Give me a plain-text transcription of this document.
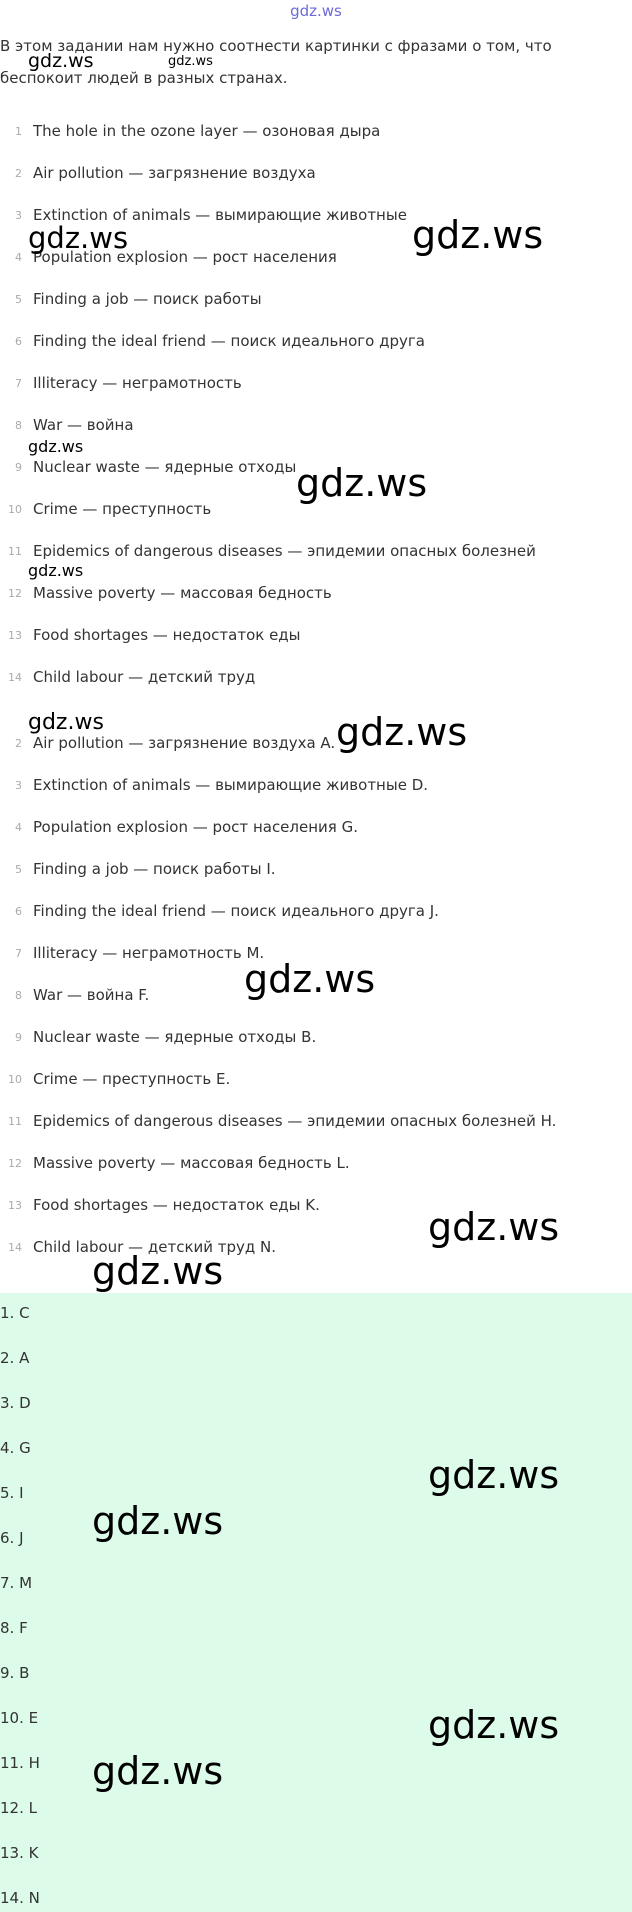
gdz.ws

В этом задании нам нужно соотнести картинки с фразами о том, что беспокоит людей в разных странах.

1 The hole in the ozone layer — озоновая дыра
2 Air pollution — загрязнение воздуха
3 Extinction of animals — вымирающие животные
4 Population explosion — рост населения
5 Finding a job — поиск работы
6 Finding the ideal friend — поиск идеального друга
7 Illiteracy — неграмотность
8 War — война
9 Nuclear waste — ядерные отходы
10 Crime — преступность
11 Epidemics of dangerous diseases — эпидемии опасных болезней
12 Massive poverty — массовая бедность
13 Food shortages — недостаток еды
14 Child labour — детский труд
2 Air pollution — загрязнение воздуха A.
3 Extinction of animals — вымирающие животные D.
4 Population explosion — рост населения G.
5 Finding a job — поиск работы I.
6 Finding the ideal friend — поиск идеального друга J.
7 Illiteracy — неграмотность M.
8 War — война F.
9 Nuclear waste — ядерные отходы B.
10 Crime — преступность E.
11 Epidemics of dangerous diseases — эпидемии опасных болезней H.
12 Massive poverty — массовая бедность L.
13 Food shortages — недостаток еды K.
14 Child labour — детский труд N.
1. C
2. A
3. D
4. G
5. I
6. J
7. M
8. F
9. B
10. E
11. H
12. L
13. K
14. N
gdz.ws	gdz.ws
gdz.ws	gdz.ws
gdz.ws
gdz.ws
gdz.ws
gdz.ws	gdz.ws
gdz.ws
gdz.ws
gdz.ws
gdz.ws
gdz.ws
gdz.ws
gdz.ws
